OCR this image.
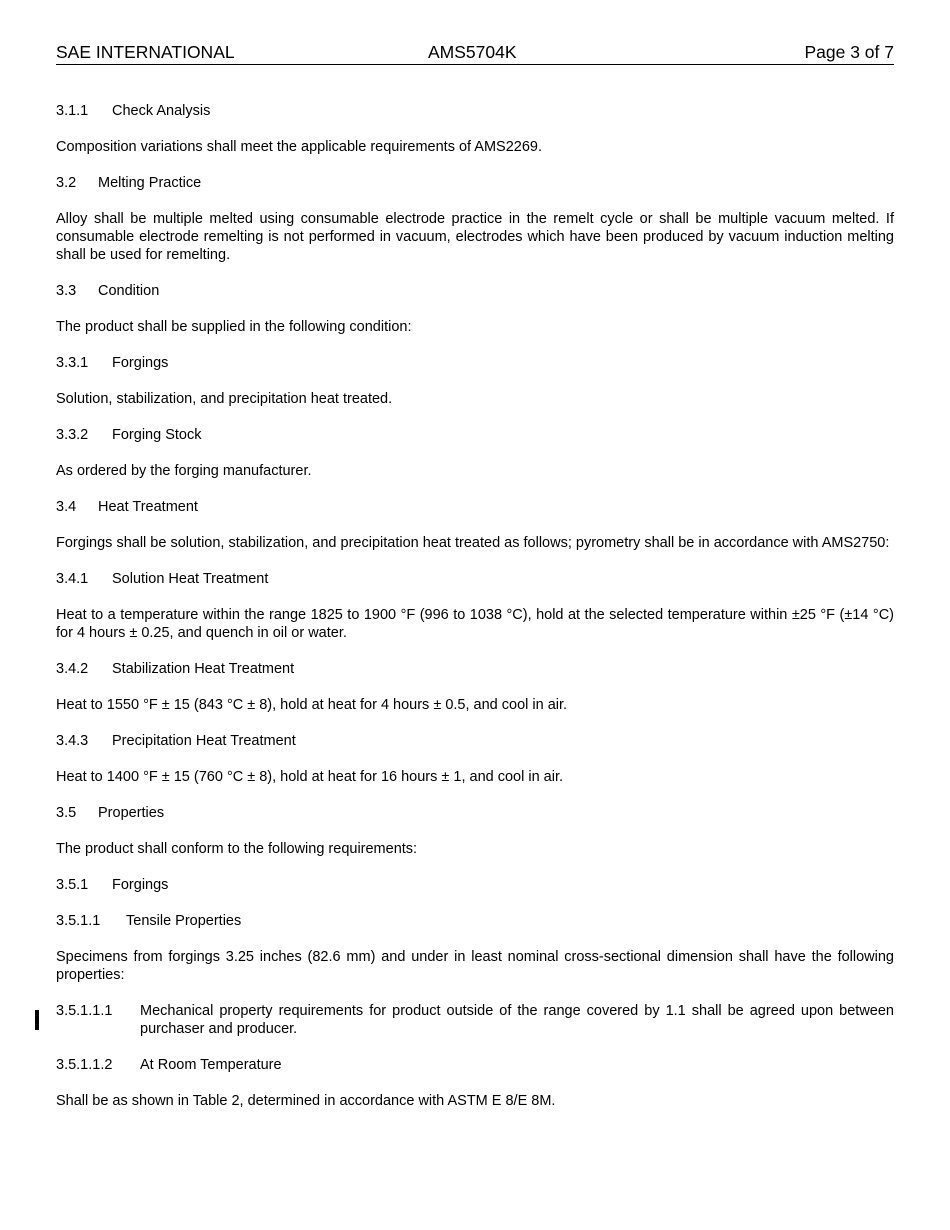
SAE INTERNATIONAL	AMS5704K	Page 3 of 7
3.1.1	Check Analysis
Composition variations shall meet the applicable requirements of AMS2269.
3.2	Melting Practice
Alloy shall be multiple melted using consumable electrode practice in the remelt cycle or shall be multiple vacuum melted. If consumable electrode remelting is not performed in vacuum, electrodes which have been produced by vacuum induction melting shall be used for remelting.
3.3	Condition
The product shall be supplied in the following condition:
3.3.1	Forgings
Solution, stabilization, and precipitation heat treated.
3.3.2	Forging Stock
As ordered by the forging manufacturer.
3.4	Heat Treatment
Forgings shall be solution, stabilization, and precipitation heat treated as follows; pyrometry shall be in accordance with AMS2750:
3.4.1	Solution Heat Treatment
Heat to a temperature within the range 1825 to 1900 °F (996 to 1038 °C), hold at the selected temperature within ±25 °F (±14 °C) for 4 hours ± 0.25, and quench in oil or water.
3.4.2	Stabilization Heat Treatment
Heat to 1550 °F ± 15 (843 °C ± 8), hold at heat for 4 hours ± 0.5, and cool in air.
3.4.3	Precipitation Heat Treatment
Heat to 1400 °F ± 15 (760 °C ± 8), hold at heat for 16 hours ± 1, and cool in air.
3.5	Properties
The product shall conform to the following requirements:
3.5.1	Forgings
3.5.1.1	Tensile Properties
Specimens from forgings 3.25 inches (82.6 mm) and under in least nominal cross-sectional dimension shall have the following properties:
3.5.1.1.1	Mechanical property requirements for product outside of the range covered by 1.1 shall be agreed upon between purchaser and producer.
3.5.1.1.2	At Room Temperature
Shall be as shown in Table 2, determined in accordance with ASTM E 8/E 8M.
